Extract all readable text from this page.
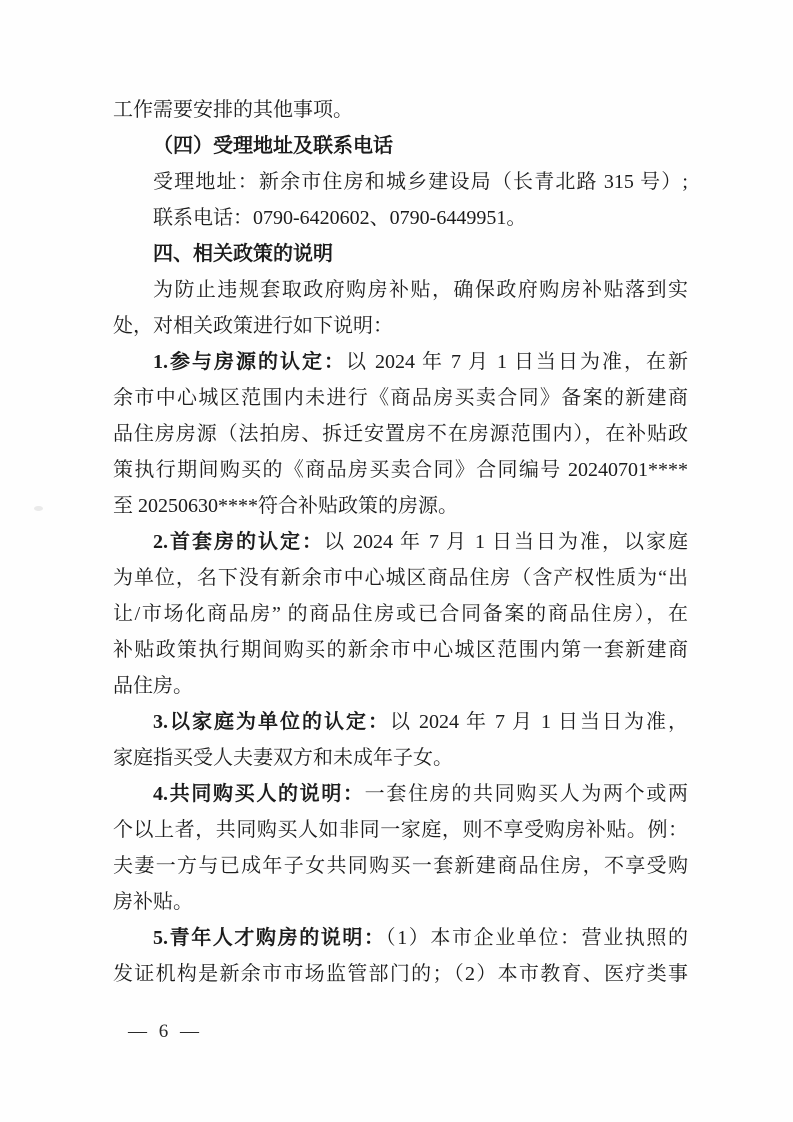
工作需要安排的其他事项。
（四）受理地址及联系电话
受理地址：新余市住房和城乡建设局（长青北路 315 号）;
联系电话：0790-6420602、0790-6449951。
四、相关政策的说明
为防止违规套取政府购房补贴，确保政府购房补贴落到实
处，对相关政策进行如下说明：
1.参与房源的认定：以 2024 年 7 月 1 日当日为准，在新
余市中心城区范围内未进行《商品房买卖合同》备案的新建商
品住房房源（法拍房、拆迁安置房不在房源范围内），在补贴政
策执行期间购买的《商品房买卖合同》合同编号 20240701****
至 20250630****符合补贴政策的房源。
2.首套房的认定：以 2024 年 7 月 1 日当日为准，以家庭
为单位，名下没有新余市中心城区商品住房（含产权性质为“出
让/市场化商品房” 的商品住房或已合同备案的商品住房），在
补贴政策执行期间购买的新余市中心城区范围内第一套新建商
品住房。
3.以家庭为单位的认定：以 2024 年 7 月 1 日当日为准，
家庭指买受人夫妻双方和未成年子女。
4.共同购买人的说明：一套住房的共同购买人为两个或两
个以上者，共同购买人如非同一家庭，则不享受购房补贴。例：
夫妻一方与已成年子女共同购买一套新建商品住房，不享受购
房补贴。
5.青年人才购房的说明：（1）本市企业单位：营业执照的
发证机构是新余市市场监管部门的；（2）本市教育、医疗类事
— 6 —
